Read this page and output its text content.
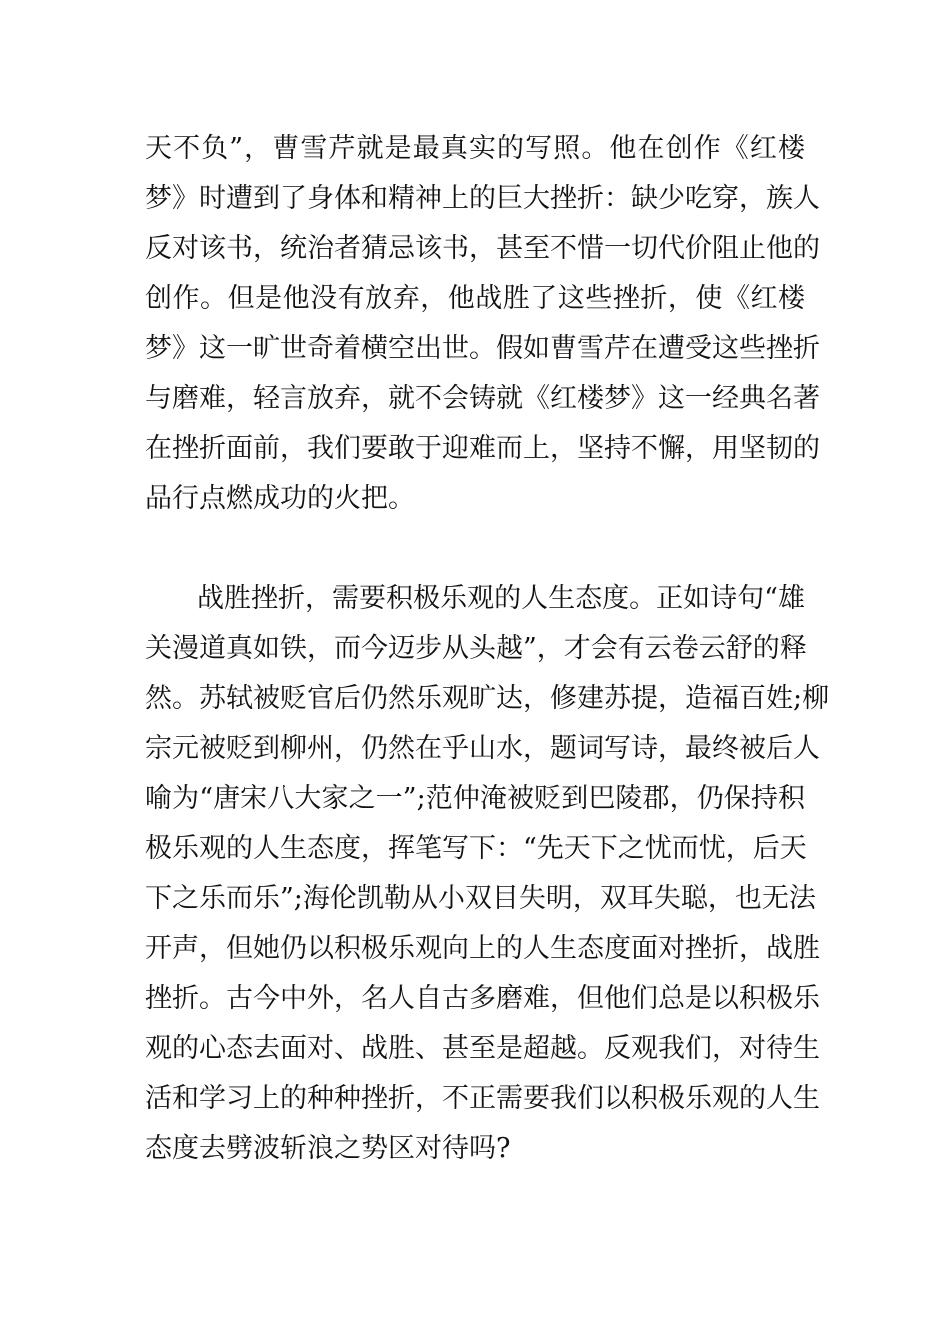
天不负”，曹雪芹就是最真实的写照。他在创作《红楼
梦》时遭到了身体和精神上的巨大挫折：缺少吃穿，族人
反对该书，统治者猜忌该书，甚至不惜一切代价阻止他的
创作。但是他没有放弃，他战胜了这些挫折，使《红楼
梦》这一旷世奇着横空出世。假如曹雪芹在遭受这些挫折
与磨难，轻言放弃，就不会铸就《红楼梦》这一经典名著
在挫折面前，我们要敢于迎难而上，坚持不懈，用坚韧的
品行点燃成功的火把。
战胜挫折，需要积极乐观的人生态度。正如诗句“雄
关漫道真如铁，而今迈步从头越”，才会有云卷云舒的释
然。苏轼被贬官后仍然乐观旷达，修建苏提，造福百姓;柳
宗元被贬到柳州，仍然在乎山水，题词写诗，最终被后人
喻为“唐宋八大家之一”;范仲淹被贬到巴陵郡，仍保持积
极乐观的人生态度，挥笔写下：“先天下之忧而忧，后天
下之乐而乐”;海伦凯勒从小双目失明，双耳失聪，也无法
开声，但她仍以积极乐观向上的人生态度面对挫折，战胜
挫折。古今中外，名人自古多磨难，但他们总是以积极乐
观的心态去面对、战胜、甚至是超越。反观我们，对待生
活和学习上的种种挫折，不正需要我们以积极乐观的人生
态度去劈波斩浪之势区对待吗?
